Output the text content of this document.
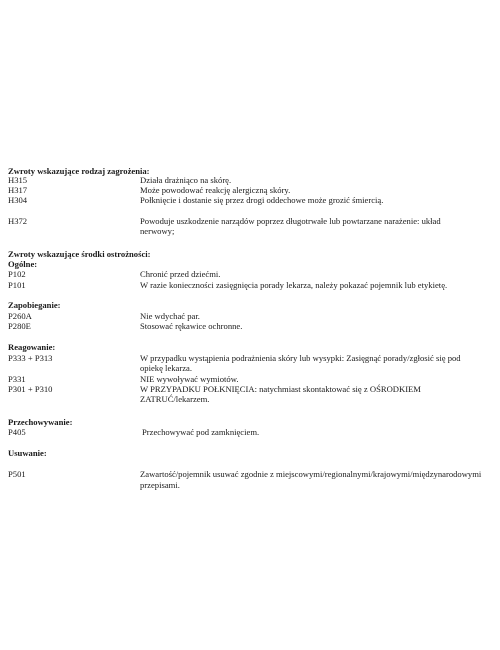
Zwroty wskazujące rodzaj zagrożenia:
H315	Działa drażniąco na skórę.
H317	Może powodować reakcję alergiczną skóry.
H304	Połknięcie i dostanie się przez drogi oddechowe może grozić śmiercią.
H372	Powoduje uszkodzenie narządów poprzez długotrwałe lub powtarzane narażenie: układ
nerwowy;
Zwroty wskazujące środki ostrożności:
Ogólne:
P102	Chronić przed dziećmi.
P101	W razie konieczności zasięgnięcia porady lekarza, należy pokazać pojemnik lub etykietę.
Zapobieganie:
P260A	Nie wdychać par.
P280E	Stosować rękawice ochronne.
Reagowanie:
P333 + P313	W przypadku wystąpienia podrażnienia skóry lub wysypki: Zasięgnąć porady/zgłosić się pod
opiekę lekarza.
P331	NIE wywoływać wymiotów.
P301 + P310	W PRZYPADKU POŁKNIĘCIA: natychmiast skontaktować się z OŚRODKIEM
ZATRUĆ/lekarzem.
Przechowywanie:
P405	Przechowywać pod zamknięciem.
Usuwanie:
P501	Zawartość/pojemnik usuwać zgodnie z miejscowymi/regionalnymi/krajowymi/międzynarodowymi
przepisami.
